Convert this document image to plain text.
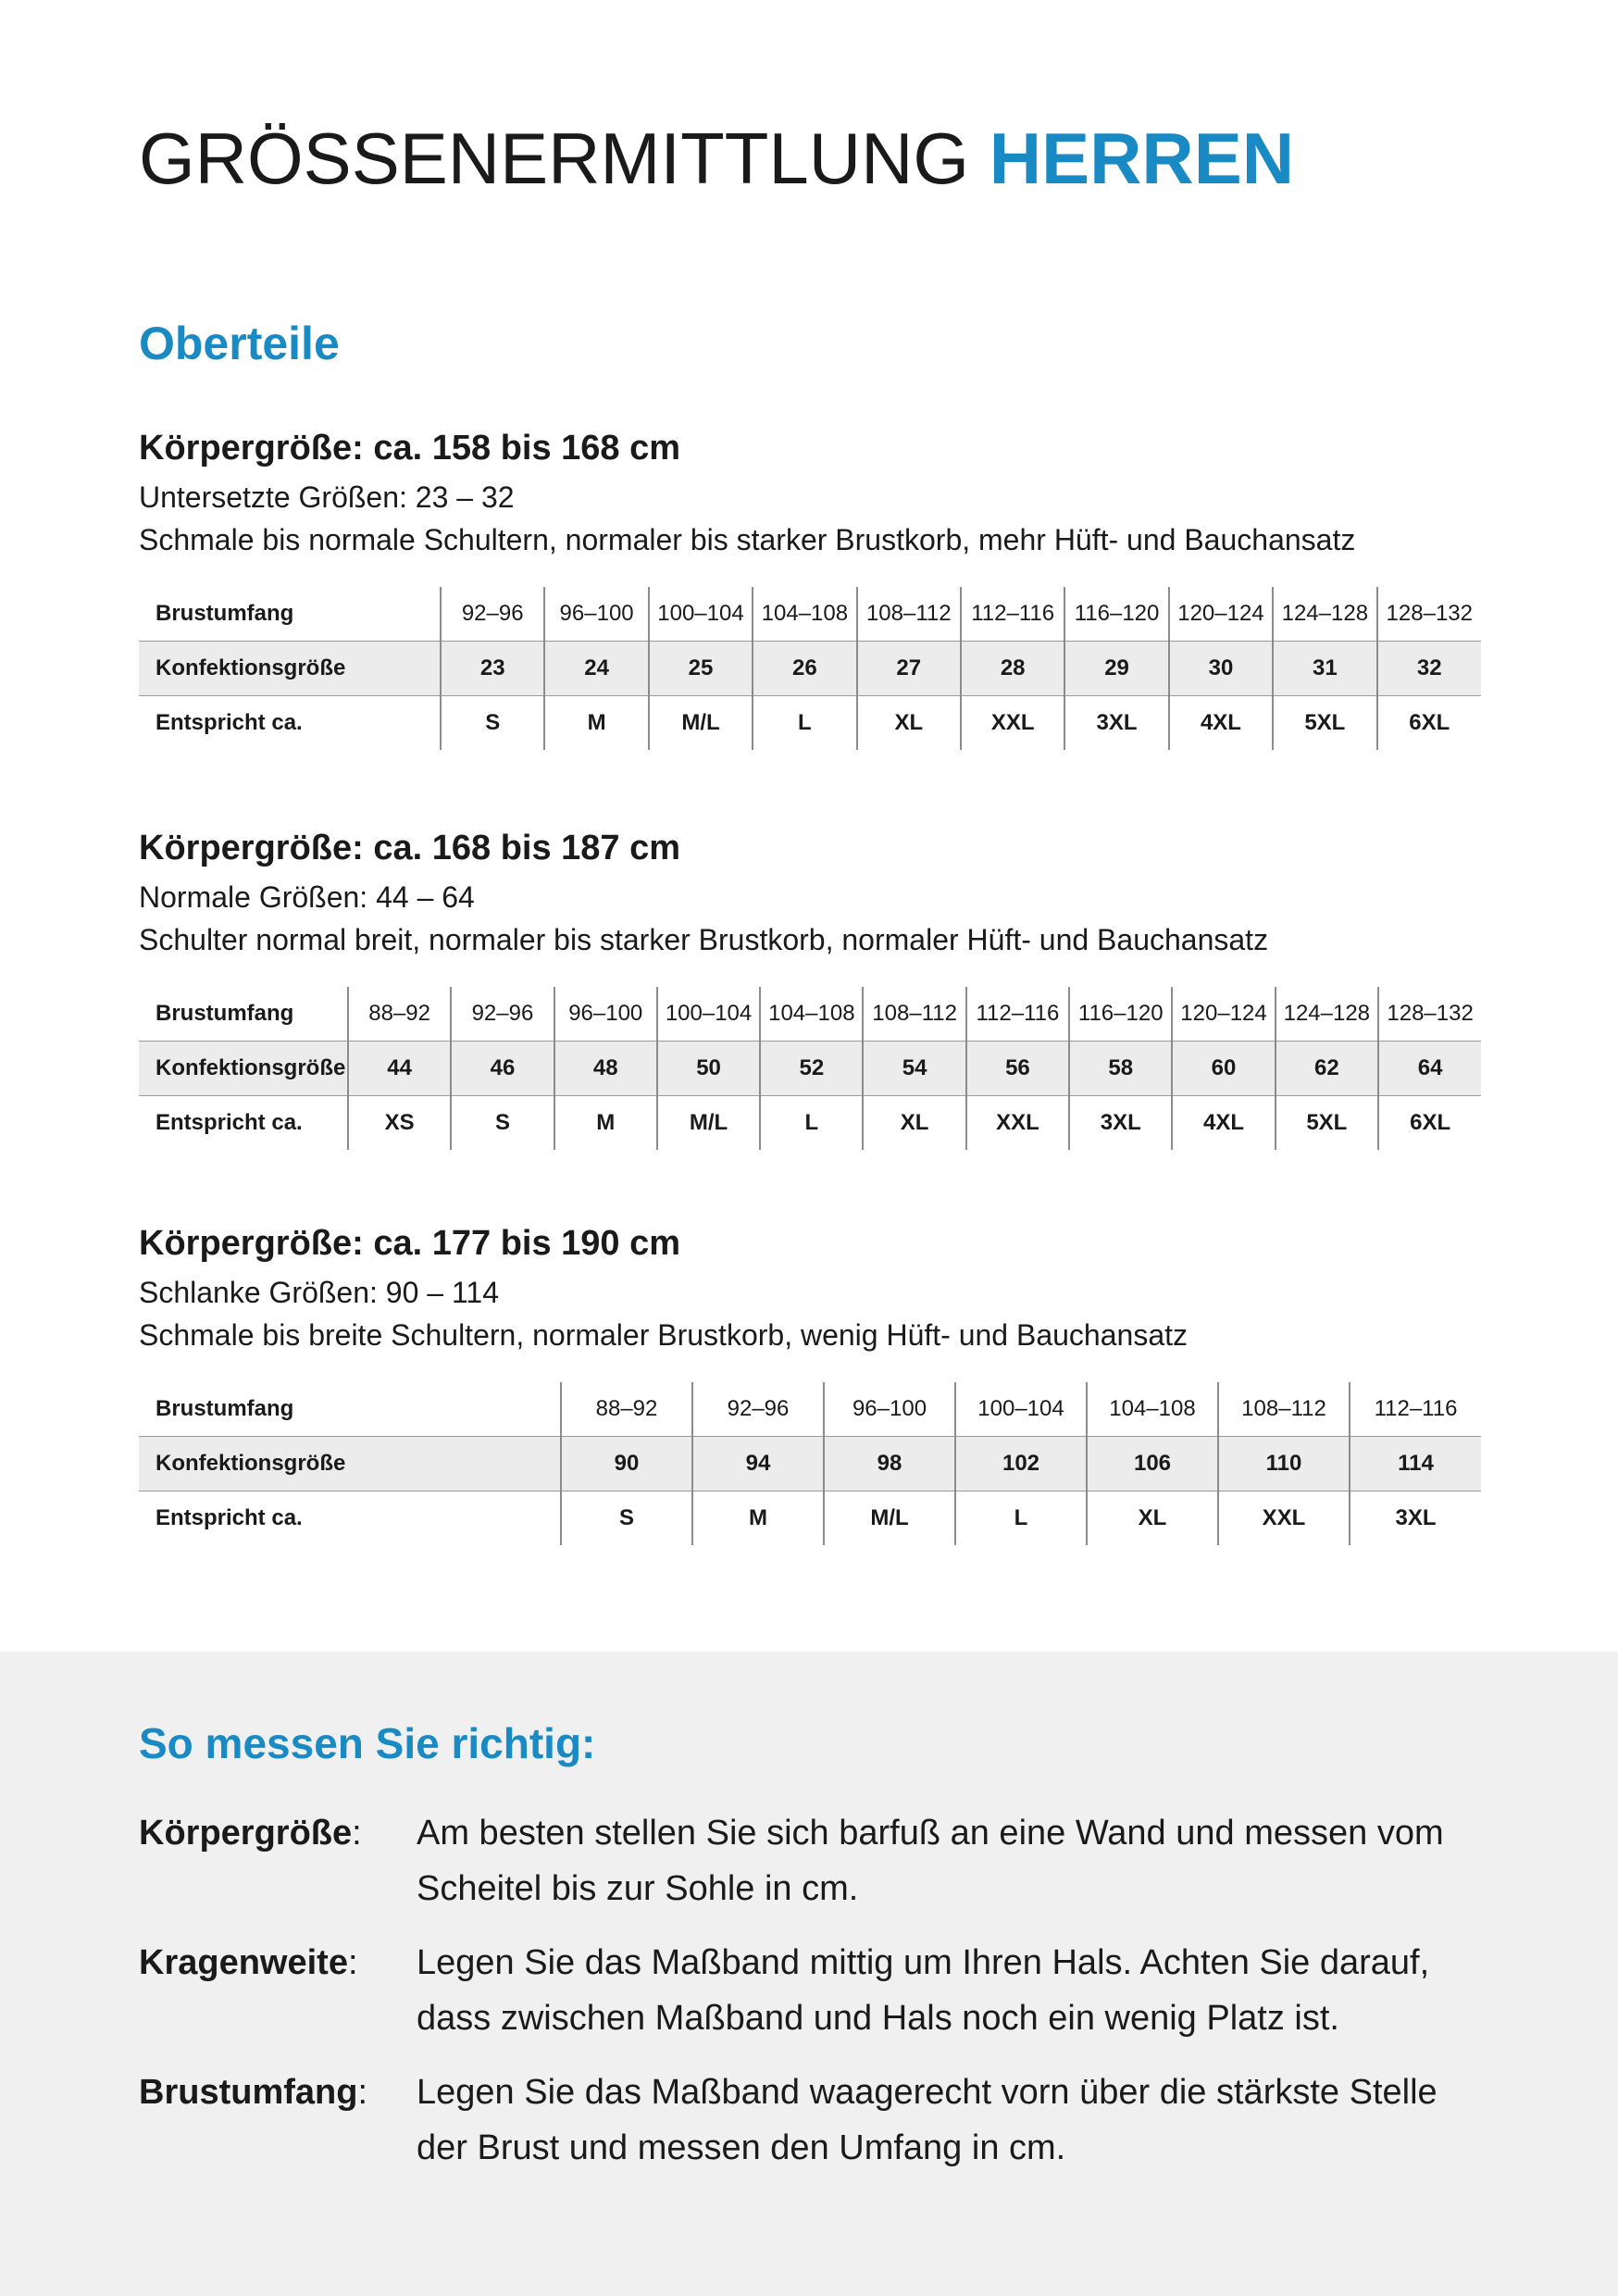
GRÖSSENERMITTLUNG HERREN
Oberteile
Körpergröße: ca. 158 bis 168 cm

Untersetzte Größen: 23 – 32

Schmale bis normale Schultern, normaler bis starker Brustkorb, mehr Hüft- und Bauchansatz

Brustumfang	92–96	96–100	100–104	104–108	108–112	112–116	116–120	120–124	124–128	128–132
Konfektionsgröße	23	24	25	26	27	28	29	30	31	32
Entspricht ca.	S	M	M/L	L	XL	XXL	3XL	4XL	5XL	6XL
Körpergröße: ca. 168 bis 187 cm

Normale Größen: 44 – 64

Schulter normal breit, normaler bis starker Brustkorb, normaler Hüft- und Bauchansatz

Brustumfang	88–92	92–96	96–100	100–104	104–108	108–112	112–116	116–120	120–124	124–128	128–132
Konfektionsgröße	44	46	48	50	52	54	56	58	60	62	64
Entspricht ca.	XS	S	M	M/L	L	XL	XXL	3XL	4XL	5XL	6XL
Körpergröße: ca. 177 bis 190 cm

Schlanke Größen: 90 – 114

Schmale bis breite Schultern, normaler Brustkorb, wenig Hüft- und Bauchansatz

Brustumfang	88–92	92–96	96–100	100–104	104–108	108–112	112–116
Konfektionsgröße	90	94	98	102	106	110	114
Entspricht ca.	S	M	M/L	L	XL	XXL	3XL
So messen Sie richtig:
Körpergröße: Am besten stellen Sie sich barfuß an eine Wand und messen vom Scheitel bis zur Sohle in cm.
Kragenweite: Legen Sie das Maßband mittig um Ihren Hals. Achten Sie darauf, dass zwischen Maßband und Hals noch ein wenig Platz ist.
Brustumfang: Legen Sie das Maßband waagerecht vorn über die stärkste Stelle der Brust und messen den Umfang in cm.
